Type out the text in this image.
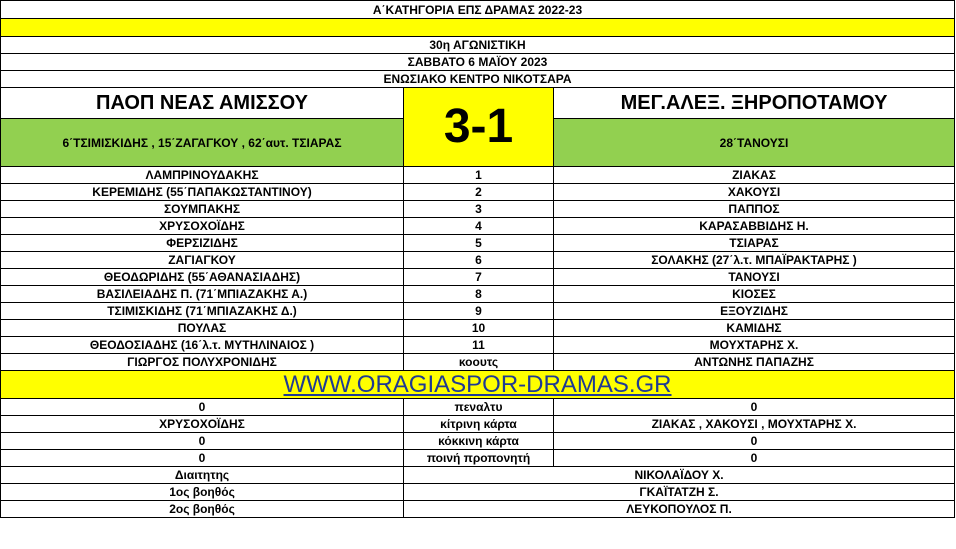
Α΄ΚΑΤΗΓΟΡΙΑ ΕΠΣ ΔΡΑΜΑΣ 2022-23		

30η ΑΓΩΝΙΣΤΙΚΗ		
ΣΑΒΒΑΤΟ 6 ΜΑΪΟΥ 2023		
ΕΝΩΣΙΑΚΟ ΚΕΝΤΡΟ ΝΙΚΟΤΣΑΡΑ		
ΠΑΟΠ ΝΕΑΣ ΑΜΙΣΣΟΥ	3-1	ΜΕΓ.ΑΛΕΞ. ΞΗΡΟΠΟΤΑΜΟΥ
6΄ΤΣΙΜΙΣΚΙΔΗΣ , 15΄ΖΑΓΑΓΚΟΥ , 62΄αυτ. ΤΣΙΑΡΑΣ		28΄ΤΑΝΟΥΣΙ
ΛΑΜΠΡΙΝΟΥΔΑΚΗΣ	1	ΖΙΑΚΑΣ
ΚΕΡΕΜΙΔΗΣ (55΄ΠΑΠΑΚΩΣΤΑΝΤΙΝΟΥ)	2	ΧΑΚΟΥΣΙ
ΣΟΥΜΠΑΚΗΣ	3	ΠΑΠΠΟΣ
ΧΡΥΣΟΧΟΪΔΗΣ	4	ΚΑΡΑΣΑΒΒΙΔΗΣ Η.
ΦΕΡΣΙΖΙΔΗΣ	5	ΤΣΙΑΡΑΣ
ΖΑΓΙΑΓΚΟΥ	6	ΣΟΛΑΚΗΣ (27΄λ.τ. ΜΠΑΪΡΑΚΤΑΡΗΣ )
ΘΕΟΔΩΡΙΔΗΣ (55΄ΑΘΑΝΑΣΙΑΔΗΣ)	7	ΤΑΝΟΥΣΙ
ΒΑΣΙΛΕΙΑΔΗΣ Π. (71΄ΜΠΙΑΖΑΚΗΣ Α.)	8	ΚΙΟΣΕΣ
ΤΣΙΜΙΣΚΙΔΗΣ (71΄ΜΠΙΑΖΑΚΗΣ Δ.)	9	ΕΞΟΥΖΙΔΗΣ
ΠΟΥΛΑΣ	10	ΚΑΜΙΔΗΣ
ΘΕΟΔΟΣΙΑΔΗΣ (16΄λ.τ. ΜΥΤΗΛΙΝΑΙΟΣ )	11	ΜΟΥΧΤΑΡΗΣ Χ.
ΓΙΩΡΓΟΣ ΠΟΛΥΧΡΟΝΙΔΗΣ	κοουτς	ΑΝΤΩΝΗΣ ΠΑΠΑΖΗΣ
WWW.ORAGIASPOR-DRAMAS.GR		
0	πεναλτυ	0
ΧΡΥΣΟΧΟΪΔΗΣ	κίτρινη κάρτα	ΖΙΑΚΑΣ , ΧΑΚΟΥΣΙ , ΜΟΥΧΤΑΡΗΣ Χ.
0	κόκκινη κάρτα	0
0	ποινή προπονητή	0
Διαιτητης	ΝΙΚΟΛΑΪΔΟΥ Χ.	
1ος βοηθός	ΓΚΑΪΤΑΤΖΗ Σ.	
2ος βοηθός	ΛΕΥΚΟΠΟΥΛΟΣ Π.	
